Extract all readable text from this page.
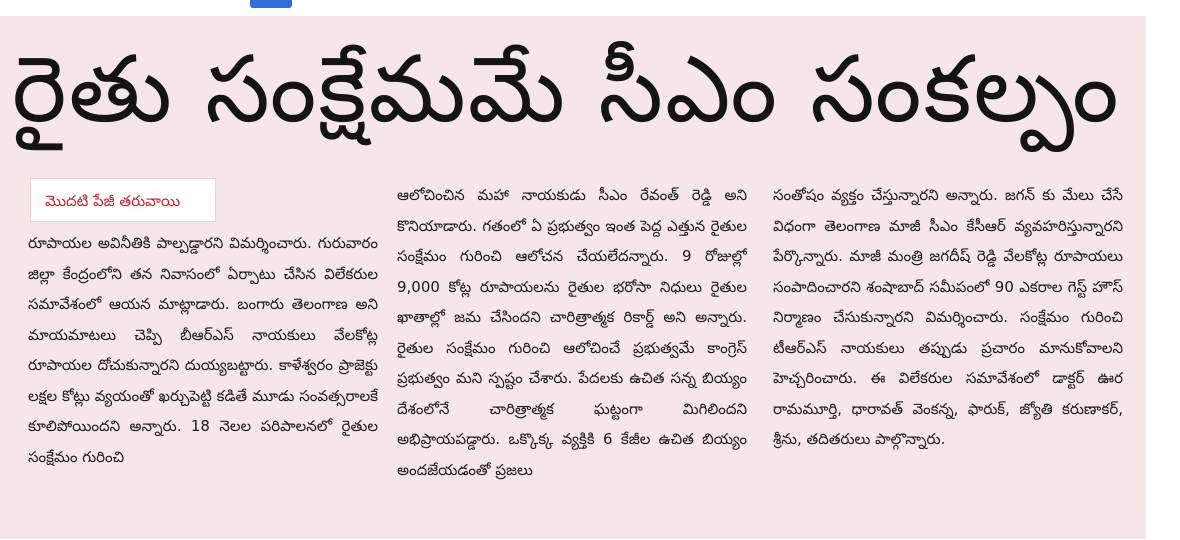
రైతు సంక్షేమమే సీఎం సంకల్పం
మొదటి పేజీ తరువాయి
రూపాయల అవినీతికి పాల్పడ్డారని విమర్శించారు. గురువారం జిల్లా కేంద్రంలోని తన నివాసంలో ఏర్పాటు చేసిన విలేకరుల సమావేశంలో ఆయన మాట్లాడారు. బంగారు తెలంగాణ అని మాయమాటలు చెప్పి బీఆర్ఎస్ నాయకులు వేలకోట్ల రూపాయల దోచుకున్నారని దుయ్యబట్టారు. కాళేశ్వరం ప్రాజెక్టు లక్షల కోట్లు వ్యయంతో ఖర్చుపెట్టి కడితే మూడు సంవత్సరాలకే కూలిపోయిందని అన్నారు. 18 నెలల పరిపాలనలో రైతుల సంక్షేమం గురించి
ఆలోచించిన మహా నాయకుడు సీఎం రేవంత్ రెడ్డి అని కొనియాడారు. గతంలో ఏ ప్రభుత్వం ఇంత పెద్ద ఎత్తున రైతుల సంక్షేమం గురించి ఆలోచన చేయలేదన్నారు. 9 రోజుల్లో 9,000 కోట్ల రూపాయలను రైతుల భరోసా నిధులు రైతుల ఖాతాల్లో జమ చేసిందని చారిత్రాత్మక రికార్డ్ అని అన్నారు. రైతుల సంక్షేమం గురించి ఆలోచించే ప్రభుత్వమే కాంగ్రెస్ ప్రభుత్వం మని స్పష్టం చేశారు. పేదలకు ఉచిత సన్న బియ్యం దేశంలోనే చారిత్రాత్మక ఘట్టంగా మిగిలిందని అభిప్రాయపడ్డారు. ఒక్కొక్క వ్యక్తికి 6 కేజీల ఉచిత బియ్యం అందజేయడంతో ప్రజలు
సంతోషం వ్యక్తం చేస్తున్నారని అన్నారు. జగన్ కు మేలు చేసే విధంగా తెలంగాణ మాజీ సీఎం కేసీఆర్ వ్యవహరిస్తున్నారని పేర్కొన్నారు. మాజీ మంత్రి జగదీష్ రెడ్డి వేలకోట్ల రూపాయలు సంపాదించారని శంషాబాద్ సమీపంలో 90 ఎకరాల గెస్ట్ హౌస్ నిర్మాణం చేసుకున్నారని విమర్శించారు. సంక్షేమం గురించి టీఆర్ఎస్ నాయకులు తప్పుడు ప్రచారం మానుకోవాలని హెచ్చరించారు. ఈ విలేకరుల సమావేశంలో డాక్టర్ ఊర రామమూర్తి, ధారావత్ వెంకన్న, ఫారుక్, జ్యోతి కరుణాకర్, శ్రీను, తదితరులు పాల్గొన్నారు.
